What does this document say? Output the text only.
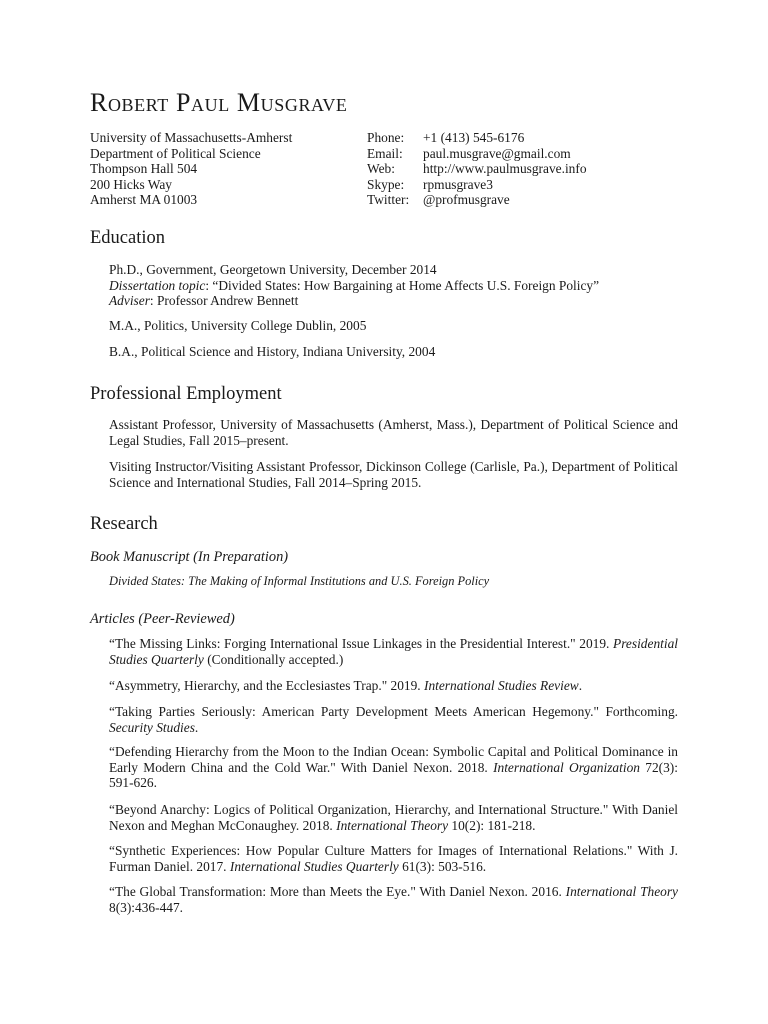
Robert Paul Musgrave
University of Massachusetts-Amherst
Department of Political Science
Thompson Hall 504
200 Hicks Way
Amherst MA 01003
Phone:
Email:
Web:
Skype:
Twitter:
+1 (413) 545-6176
paul.musgrave@gmail.com
http://www.paulmusgrave.info
rpmusgrave3
@profmusgrave
Education
Ph.D., Government, Georgetown University, December 2014
Dissertation topic: “Divided States: How Bargaining at Home Affects U.S. Foreign Policy”
Adviser: Professor Andrew Bennett
M.A., Politics, University College Dublin, 2005
B.A., Political Science and History, Indiana University, 2004
Professional Employment
Assistant Professor, University of Massachusetts (Amherst, Mass.), Department of Political Science and Legal Studies, Fall 2015–present.
Visiting Instructor/Visiting Assistant Professor, Dickinson College (Carlisle, Pa.), Department of Political Science and International Studies, Fall 2014–Spring 2015.
Research
Book Manuscript (In Preparation)
Divided States: The Making of Informal Institutions and U.S. Foreign Policy
Articles (Peer-Reviewed)
“The Missing Links: Forging International Issue Linkages in the Presidential Interest." 2019. Presidential Studies Quarterly (Conditionally accepted.)
“Asymmetry, Hierarchy, and the Ecclesiastes Trap." 2019. International Studies Review.
“Taking Parties Seriously: American Party Development Meets American Hegemony." Forthcoming. Security Studies.
“Defending Hierarchy from the Moon to the Indian Ocean: Symbolic Capital and Political Dominance in Early Modern China and the Cold War." With Daniel Nexon. 2018. International Organization 72(3): 591-626.
“Beyond Anarchy: Logics of Political Organization, Hierarchy, and International Structure." With Daniel Nexon and Meghan McConaughey. 2018. International Theory 10(2): 181-218.
“Synthetic Experiences: How Popular Culture Matters for Images of International Relations." With J. Furman Daniel. 2017. International Studies Quarterly 61(3): 503-516.
“The Global Transformation: More than Meets the Eye." With Daniel Nexon. 2016. International Theory 8(3):436-447.
